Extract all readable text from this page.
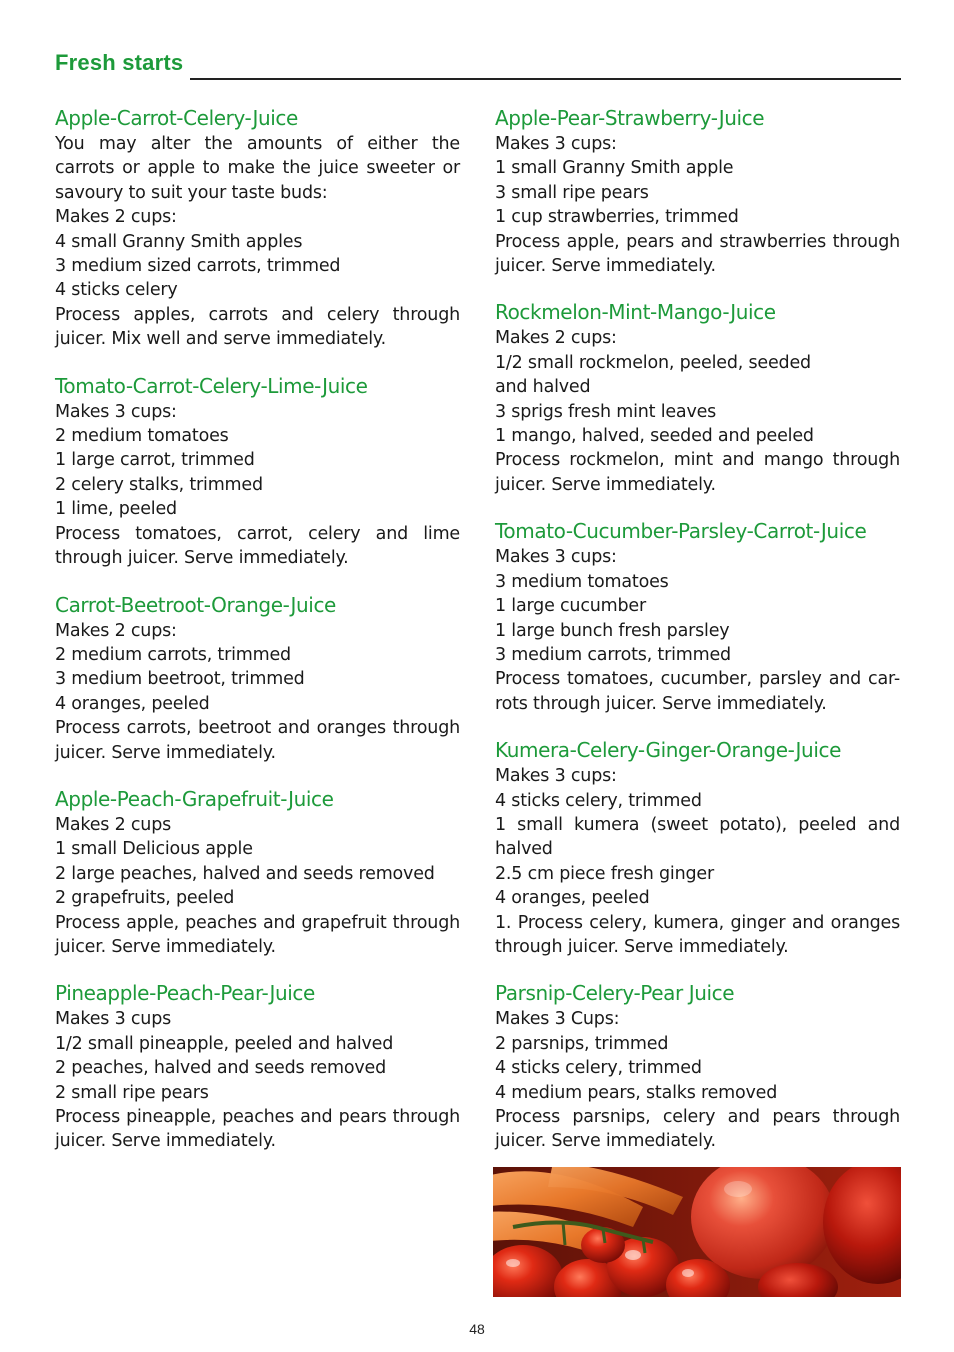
Fresh starts
Apple-Carrot-Celery-Juice
You may alter the amounts of either the carrots or apple to make the juice sweeter or savoury to suit your taste buds:
Makes 2 cups:
4 small Granny Smith apples
3 medium sized carrots, trimmed
4 sticks celery
Process apples, carrots and celery through juicer. Mix well and serve immediately.
Tomato-Carrot-Celery-Lime-Juice
Makes 3 cups:
2 medium tomatoes
1 large carrot, trimmed
2 celery stalks, trimmed
1 lime, peeled
Process tomatoes, carrot, celery and lime through juicer. Serve immediately.
Carrot-Beetroot-Orange-Juice
Makes 2 cups:
2 medium carrots, trimmed
3 medium beetroot, trimmed
4 oranges, peeled
Process carrots, beetroot and oranges through juicer. Serve immediately.
Apple-Peach-Grapefruit-Juice
Makes 2 cups
1 small Delicious apple
2 large peaches, halved and seeds removed
2 grapefruits, peeled
Process apple, peaches and grapefruit through juicer. Serve immediately.
Pineapple-Peach-Pear-Juice
Makes 3 cups
1/2 small pineapple, peeled and halved
2 peaches, halved and seeds removed
2 small ripe pears
Process pineapple, peaches and pears through juicer. Serve immediately.
Apple-Pear-Strawberry-Juice
Makes 3 cups:
1 small Granny Smith apple
3 small ripe pears
1 cup strawberries, trimmed
Process apple, pears and strawberries through juicer. Serve immediately.
Rockmelon-Mint-Mango-Juice
Makes 2 cups:
1/2 small rockmelon, peeled, seeded
and halved
3 sprigs fresh mint leaves
1 mango, halved, seeded and peeled
Process rockmelon, mint and mango through juicer. Serve immediately.
Tomato-Cucumber-Parsley-Carrot-Juice
Makes 3 cups:
3 medium tomatoes
1 large cucumber
1 large bunch fresh parsley
3 medium carrots, trimmed
Process tomatoes, cucumber, parsley and car-rots through juicer. Serve immediately.
Kumera-Celery-Ginger-Orange-Juice
Makes 3 cups:
4 sticks celery, trimmed
1 small kumera (sweet potato), peeled and halved
2.5 cm piece fresh ginger
4 oranges, peeled
1. Process celery, kumera, ginger and oranges through juicer. Serve immediately.
Parsnip-Celery-Pear Juice
Makes 3 Cups:
2 parsnips, trimmed
4 sticks celery, trimmed
4 medium pears, stalks removed
Process parsnips, celery and pears through juicer. Serve immediately.
48
